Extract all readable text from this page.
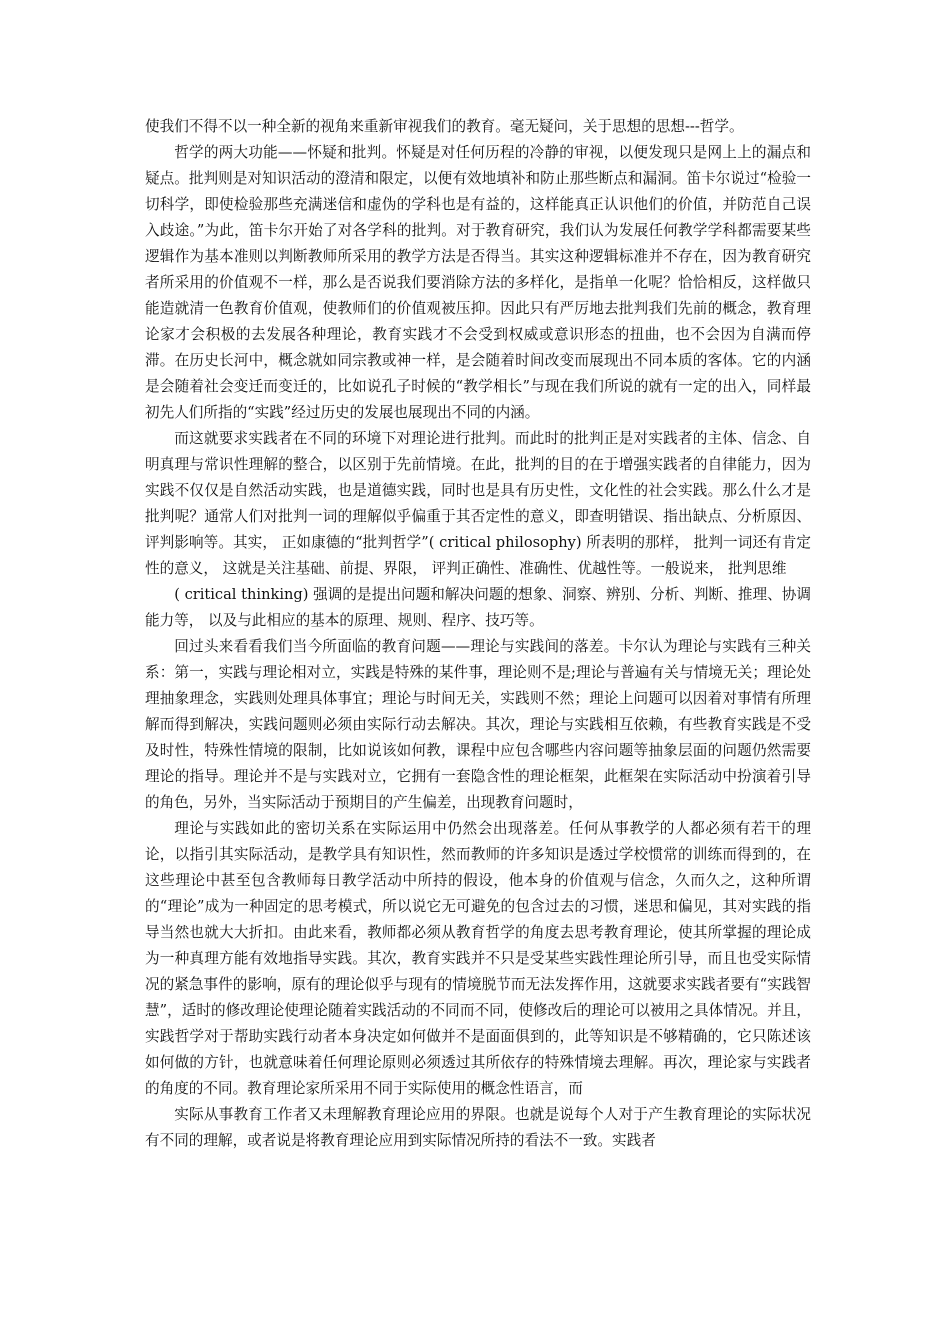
使我们不得不以一种全新的视角来重新审视我们的教育。毫无疑问，关于思想的思想---哲学。

哲学的两大功能——怀疑和批判。怀疑是对任何历程的冷静的审视，以便发现只是网上上的漏点和疑点。批判则是对知识活动的澄清和限定，以便有效地填补和防止那些断点和漏洞。笛卡尔说过“检验一切科学，即使检验那些充满迷信和虚伪的学科也是有益的，这样能真正认识他们的价值，并防范自己误入歧途。”为此，笛卡尔开始了对各学科的批判。对于教育研究，我们认为发展任何教学学科都需要某些逻辑作为基本准则以判断教师所采用的教学方法是否得当。其实这种逻辑标准并不存在，因为教育研究者所采用的价值观不一样，那么是否说我们要消除方法的多样化，是指单一化呢？恰恰相反，这样做只能造就清一色教育价值观，使教师们的价值观被压抑。因此只有严厉地去批判我们先前的概念，教育理论家才会积极的去发展各种理论，教育实践才不会受到权威或意识形态的扭曲，也不会因为自满而停滞。在历史长河中，概念就如同宗教或神一样，是会随着时间改变而展现出不同本质的客体。它的内涵是会随着社会变迁而变迁的，比如说孔子时候的“教学相长”与现在我们所说的就有一定的出入，同样最初先人们所指的“实践”经过历史的发展也展现出不同的内涵。

而这就要求实践者在不同的环境下对理论进行批判。而此时的批判正是对实践者的主体、信念、自明真理与常识性理解的整合，以区别于先前情境。在此，批判的目的在于增强实践者的自律能力，因为实践不仅仅是自然活动实践，也是道德实践，同时也是具有历史性，文化性的社会实践。那么什么才是批判呢？通常人们对批判一词的理解似乎偏重于其否定性的意义，即查明错误、指出缺点、分析原因、评判影响等。其实， 正如康德的“批判哲学”( critical philosophy) 所表明的那样， 批判一词还有肯定性的意义， 这就是关注基础、前提、界限， 评判正确性、准确性、优越性等。一般说来， 批判思维

( critical thinking) 强调的是提出问题和解决问题的想象、洞察、辨别、分析、判断、推理、协调能力等， 以及与此相应的基本的原理、规则、程序、技巧等。

回过头来看看我们当今所面临的教育问题——理论与实践间的落差。卡尔认为理论与实践有三种关系：第一，实践与理论相对立，实践是特殊的某件事，理论则不是;理论与普遍有关与情境无关；理论处理抽象理念，实践则处理具体事宜；理论与时间无关，实践则不然；理论上问题可以因着对事情有所理解而得到解决，实践问题则必须由实际行动去解决。其次，理论与实践相互依赖，有些教育实践是不受及时性，特殊性情境的限制，比如说该如何教，课程中应包含哪些内容问题等抽象层面的问题仍然需要理论的指导。理论并不是与实践对立，它拥有一套隐含性的理论框架，此框架在实际活动中扮演着引导的角色，另外，当实际活动于预期目的产生偏差，出现教育问题时，

理论与实践如此的密切关系在实际运用中仍然会出现落差。任何从事教学的人都必须有若干的理论，以指引其实际活动，是教学具有知识性，然而教师的许多知识是透过学校惯常的训练而得到的，在这些理论中甚至包含教师每日教学活动中所持的假设，他本身的价值观与信念，久而久之，这种所谓的“理论”成为一种固定的思考模式，所以说它无可避免的包含过去的习惯，迷思和偏见，其对实践的指导当然也就大大折扣。由此来看，教师都必须从教育哲学的角度去思考教育理论，使其所掌握的理论成为一种真理方能有效地指导实践。其次，教育实践并不只是受某些实践性理论所引导，而且也受实际情况的紧急事件的影响，原有的理论似乎与现有的情境脱节而无法发挥作用，这就要求实践者要有“实践智慧”，适时的修改理论使理论随着实践活动的不同而不同，使修改后的理论可以被用之具体情况。并且，实践哲学对于帮助实践行动者本身决定如何做并不是面面俱到的，此等知识是不够精确的，它只陈述该如何做的方针，也就意味着任何理论原则必须透过其所依存的特殊情境去理解。再次，理论家与实践者的角度的不同。教育理论家所采用不同于实际使用的概念性语言，而

实际从事教育工作者又未理解教育理论应用的界限。也就是说每个人对于产生教育理论的实际状况有不同的理解，或者说是将教育理论应用到实际情况所持的看法不一致。实践者
